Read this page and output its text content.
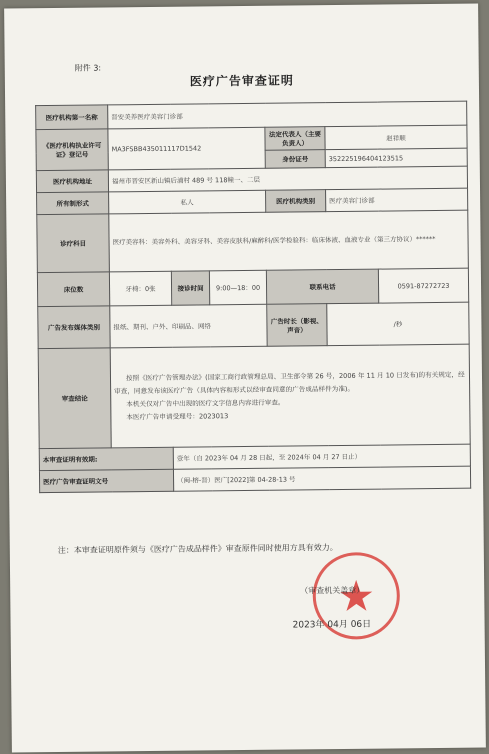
附件 3:
医疗广告审查证明
医疗机构第一名称	晋安美养医疗美容门诊部					
《医疗机构执业许可证》登记号	MA3FSBB435011117D1542			法定代表人（主要负责人）	赵祥顺	
				身份证号	352225196404123515	
医疗机构地址	福州市晋安区新山镇后浦村 489 号 118幢一、二层					
所有制形式	私人			医疗机构类别	医疗美容门诊部	
诊疗科目	医疗美容科：美容外科、美容牙科、美容皮肤科/麻醉科/医学检验科：临床体液、血液专业（第三方协议）******					
床位数	牙椅：0张	接诊时间	9:00—18：00	联系电话		0591-87272723
广告发布媒体类别	报纸、期刊、户外、印刷品、网络			广告时长（影视、声音）	/秒	
审查结论	按照《医疗广告管理办法》(国家工商行政管理总局、卫生部令第 26 号，2006 年 11 月 10 日发布)的有关规定，经审查，同意发布该医疗广告（具体内容和形式以经审查同意的广告成品样件为准)。

本机关仅对广告中出现的医疗文字信息内容进行审查。

本医疗广告申请受理号：2023013					

本审查证明有效期:		壹年（自 2023年 04 月 28 日起，至 2024年 04 月 27 日止）				
医疗广告审查证明文号		（闽-榕-晋）医广[2022]第 04-28-13 号				
注：本审查证明原件须与《医疗广告成品样件》审查原件同时使用方具有效力。
（审查机关盖章）
2023年 04月 06日
